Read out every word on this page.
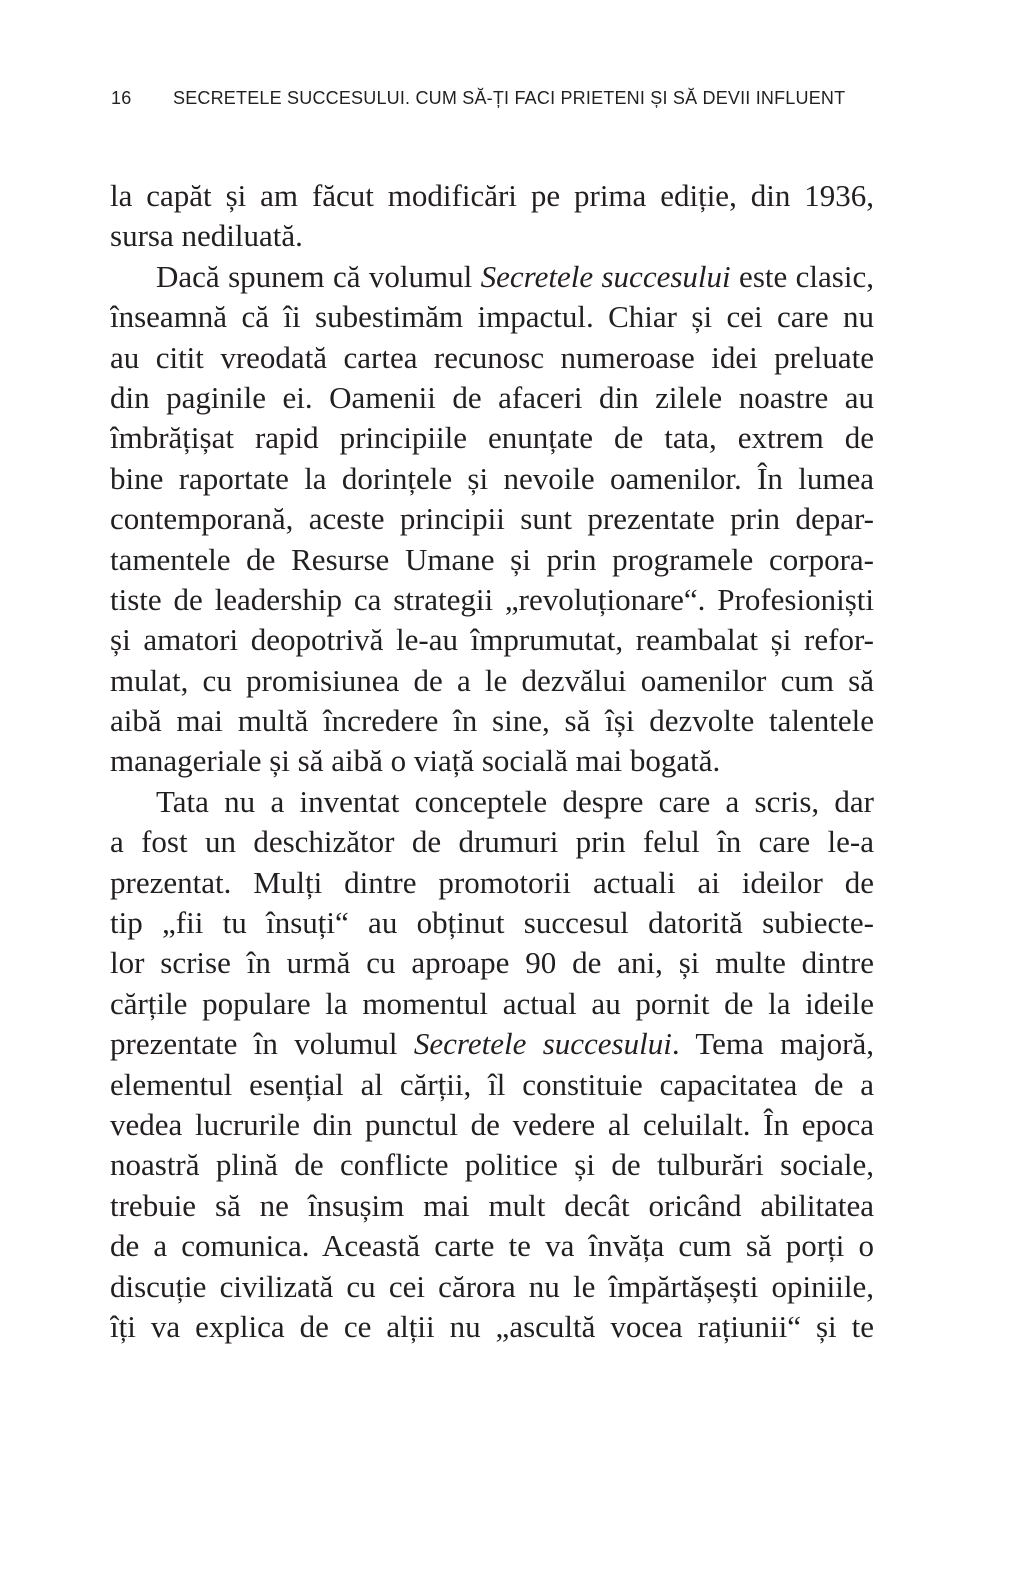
16 SECRETELE SUCCESULUI. CUM SĂ-ȚI FACI PRIETENI ȘI SĂ DEVII INFLUENT
la capăt și am făcut modificări pe prima ediție, din 1936,
sursa nediluată.
Dacă spunem că volumul Secretele succesului este clasic,
înseamnă că îi subestimăm impactul. Chiar și cei care nu
au citit vreodată cartea recunosc numeroase idei preluate
din paginile ei. Oamenii de afaceri din zilele noastre au
îmbrățișat rapid principiile enunțate de tata, extrem de
bine raportate la dorințele și nevoile oamenilor. În lumea
contemporană, aceste principii sunt prezentate prin depar-
tamentele de Resurse Umane și prin programele corpora-
tiste de leadership ca strategii „revoluționare“. Profesioniști
și amatori deopotrivă le-au împrumutat, reambalat și refor-
mulat, cu promisiunea de a le dezvălui oamenilor cum să
aibă mai multă încredere în sine, să își dezvolte talentele
manageriale și să aibă o viață socială mai bogată.
Tata nu a inventat conceptele despre care a scris, dar
a fost un deschizător de drumuri prin felul în care le-a
prezentat. Mulți dintre promotorii actuali ai ideilor de
tip „fii tu însuți“ au obținut succesul datorită subiecte-
lor scrise în urmă cu aproape 90 de ani, și multe dintre
cărțile populare la momentul actual au pornit de la ideile
prezentate în volumul Secretele succesului. Tema majoră,
elementul esențial al cărții, îl constituie capacitatea de a
vedea lucrurile din punctul de vedere al celuilalt. În epoca
noastră plină de conflicte politice și de tulburări sociale,
trebuie să ne însușim mai mult decât oricând abilitatea
de a comunica. Această carte te va învăța cum să porți o
discuție civilizată cu cei cărora nu le împărtășești opiniile,
îți va explica de ce alții nu „ascultă vocea rațiunii“ și te
